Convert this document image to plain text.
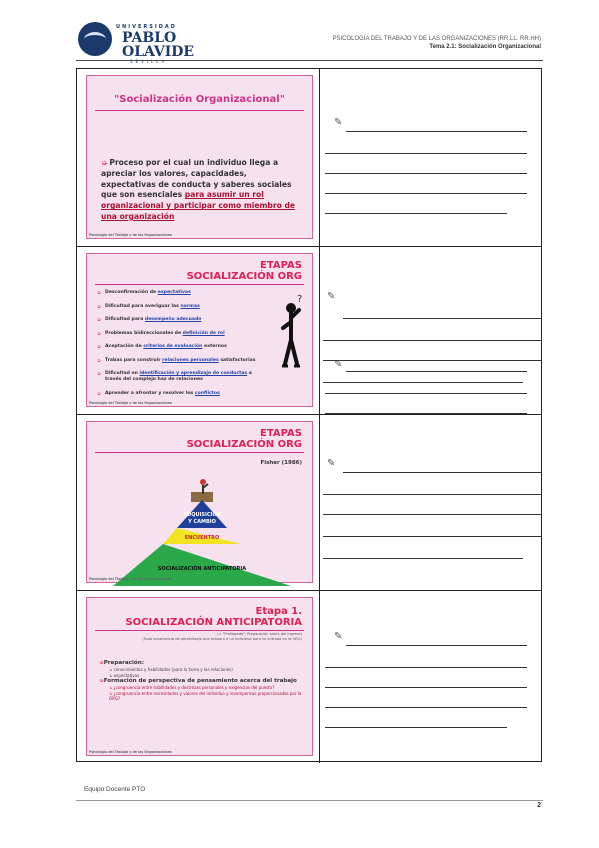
UNIVERSIDAD
PABLO
OLAVIDE
SEVILLA
PSICOLOGÍA DEL TRABAJO Y DE LAS ORGANIZACIONES (RR.LL. RR.HH)
Tema 2.1: Socialización Organizacional
"Socialización Organizacional"
➭ Proceso por el cual un individuo llega a apreciar los valores, capacidades, expectativas de conducta y saberes sociales que son esenciales para asumir un rol organizacional y participar como miembro de una organización
Psicología del Trabajo y de las Organizaciones
✎
ETAPAS
SOCIALIZACIÓN ORG
➭ Desconfirmación de expectativas
➭ Dificultad para averiguar las normas
➭ Dificultad para desempeño adecuado
➭ Problemas bidireccionales de definición de rol
➭ Aceptación de criterios de evaluación externos
➭ Trabas para construir relaciones personales satisfactorias
➭ Dificultad en identificación y aprendizaje de conductas a través del complejo haz de relaciones
➭ Aprender a afrontar y resolver los conflictos
?
Psicología del Trabajo y de las Organizaciones
✎
ETAPAS
SOCIALIZACIÓN ORG
Fisher (1986)
ADQUISICIÓN
Y CAMBIO
ENCUENTRO
SOCIALIZACIÓN ANTICIPATORIA
Psicología del Trabajo y de las Organizaciones
Etapa 1.
SOCIALIZACIÓN ANTICIPATORIA
(= "Prellegada"; Preparación antes del ingreso)
(Toda experiencia de aprendizaje que prepara a un individuo para su entrada en la ORG)
➭Preparación:
↳ conocimientos y habilidades (para la tarea y las relaciones)
↳ expectativas
➭Formación de perspectiva de pensamiento acerca del trabajo
↳ ¿congruencia entre habilidades y destrezas personales y exigencias del puesto?
↳ ¿congruencia entre necesidades y valores del individuo y recompensas proporcionadas por la ORG?
Psicología del Trabajo y de las Organizaciones
✎
✎
✎
Equipo Docente PTO
2
